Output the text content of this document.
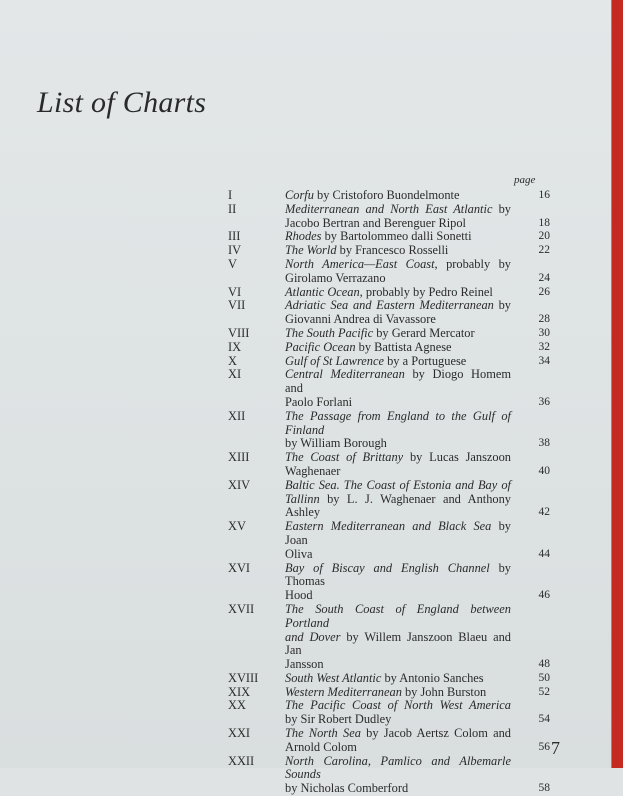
List of Charts
page
I	Corfu by Cristoforo Buondelmonte	16
II	Mediterranean and North East Atlantic by
Jacobo Bertran and Berenguer Ripol	18
III	Rhodes by Bartolommeo dalli Sonetti	20
IV	The World by Francesco Rosselli	22
V	North America—East Coast, probably by
Girolamo Verrazano	24
VI	Atlantic Ocean, probably by Pedro Reinel	26
VII	Adriatic Sea and Eastern Mediterranean by
Giovanni Andrea di Vavassore	28
VIII	The South Pacific by Gerard Mercator	30
IX	Pacific Ocean by Battista Agnese	32
X	Gulf of St Lawrence by a Portuguese	34
XI	Central Mediterranean by Diogo Homem and
Paolo Forlani	36
XII	The Passage from England to the Gulf of Finland
by William Borough	38
XIII	The Coast of Brittany by Lucas Janszoon
Waghenaer	40
XIV	Baltic Sea. The Coast of Estonia and Bay of
Tallinn by L. J. Waghenaer and Anthony
Ashley	42
XV	Eastern Mediterranean and Black Sea by Joan
Oliva	44
XVI	Bay of Biscay and English Channel by Thomas
Hood	46
XVII The South Coast of England between Portland
and Dover by Willem Janszoon Blaeu and Jan
Jansson	48
XVIII South West Atlantic by Antonio Sanches	50
XIX	Western Mediterranean by John Burston	52
XX	The Pacific Coast of North West America
by Sir Robert Dudley	54
XXI	The North Sea by Jacob Aertsz Colom and
Arnold Colom	56
XXII North Carolina, Pamlico and Albemarle Sounds
by Nicholas Comberford	58
7
